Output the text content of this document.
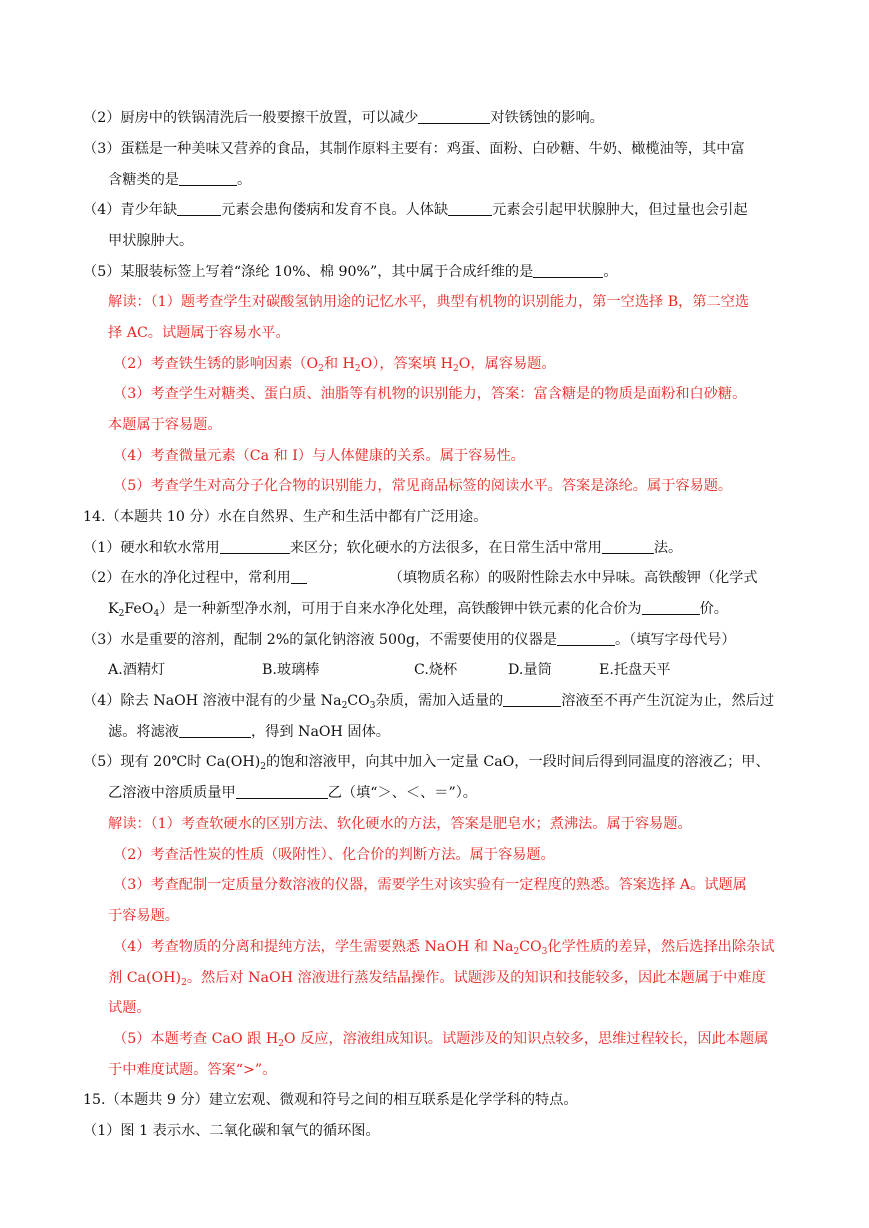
（2）厨房中的铁锅清洗后一般要擦干放置，可以减少	对铁锈蚀的影响。
（3）蛋糕是一种美味又营养的食品，其制作原料主要有：鸡蛋、面粉、白砂糖、牛奶、橄榄油等，其中富
含糖类的是	。
（4）青少年缺	元素会患佝偻病和发育不良。人体缺	元素会引起甲状腺肿大，但过量也会引起
甲状腺肿大。
（5）某服装标签上写着“涤纶 10%、棉 90%”，其中属于合成纤维的是	。
解读：（1）题考查学生对碳酸氢钠用途的记忆水平，典型有机物的识别能力，第一空选择 B，第二空选
择 AC。试题属于容易水平。
（2）考查铁生锈的影响因素（$O_2$和 $H_2O$），答案填 $H_2O$，属容易题。
（3）考查学生对糖类、蛋白质、油脂等有机物的识别能力，答案：富含糖是的物质是面粉和白砂糖。
本题属于容易题。
（4）考查微量元素（Ca 和 I）与人体健康的关系。属于容易性。
（5）考查学生对高分子化合物的识别能力，常见商品标签的阅读水平。答案是涤纶。属于容易题。
14.（本题共 10 分）水在自然界、生产和生活中都有广泛用途。
（1）硬水和软水常用	来区分；软化硬水的方法很多，在日常生活中常用	法。
（2）在水的净化过程中，常利用	（填物质名称）的吸附性除去水中异味。高铁酸钾（化学式
$K_2FeO_4$）是一种新型净水剂，可用于自来水净化处理，高铁酸钾中铁元素的化合价为	价。
（3）水是重要的溶剂，配制 2%的氯化钠溶液 500g，不需要使用的仪器是	。（填写字母代号）
A.酒精灯	B.玻璃棒	C.烧杯	D.量筒	E.托盘天平
（4）除去 NaOH 溶液中混有的少量 $Na_2CO_3$杂质，需加入适量的	溶液至不再产生沉淀为止，然后过
滤。将滤液	，得到 NaOH 固体。
（5）现有 20℃时 $Ca(OH)_2$的饱和溶液甲，向其中加入一定量 CaO，一段时间后得到同温度的溶液乙；甲、
乙溶液中溶质质量甲	乙（填“＞、＜、＝”）。
解读：（1）考查软硬水的区别方法、软化硬水的方法，答案是肥皂水；煮沸法。属于容易题。
（2）考查活性炭的性质（吸附性）、化合价的判断方法。属于容易题。
（3）考查配制一定质量分数溶液的仪器，需要学生对该实验有一定程度的熟悉。答案选择 A。试题属
于容易题。
（4）考查物质的分离和提纯方法，学生需要熟悉 NaOH 和 $Na_2CO_3$化学性质的差异，然后选择出除杂试
剂 $Ca(OH)_2$。然后对 NaOH 溶液进行蒸发结晶操作。试题涉及的知识和技能较多，因此本题属于中难度
试题。
（5）本题考查 CaO 跟 $H_2O$ 反应，溶液组成知识。试题涉及的知识点较多，思维过程较长，因此本题属
于中难度试题。答案“>”。
15.（本题共 9 分）建立宏观、微观和符号之间的相互联系是化学学科的特点。
（1）图 1 表示水、二氧化碳和氧气的循环图。
